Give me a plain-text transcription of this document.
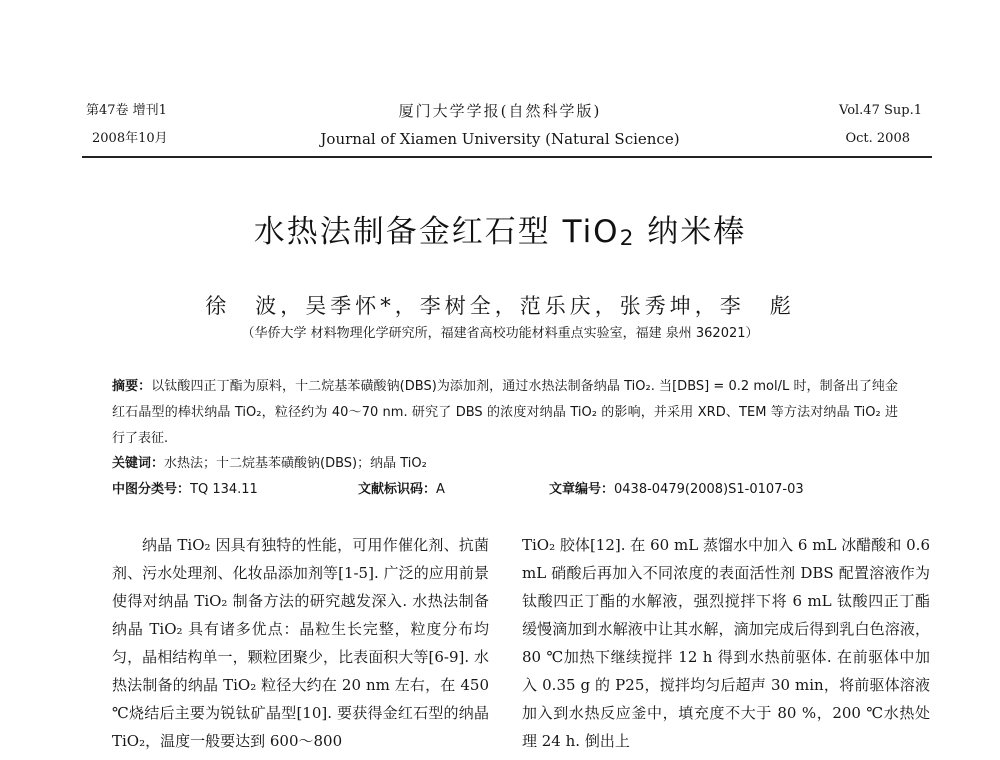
第47卷 增刊1
2008年10月
厦门大学学报(自然科学版)
Journal of Xiamen University (Natural Science)
Vol.47 Sup.1
Oct. 2008
水热法制备金红石型 TiO$_2$ 纳米棒
徐　波，吴季怀*，李树全，范乐庆，张秀坤，李　彪
（华侨大学 材料物理化学研究所，福建省高校功能材料重点实验室，福建 泉州 362021）
摘要：以钛酸四正丁酯为原料，十二烷基苯磺酸钠(DBS)为添加剂，通过水热法制备纳晶 TiO₂. 当[DBS] = 0.2 mol/L 时，制备出了纯金红石晶型的棒状纳晶 TiO₂，粒径约为 40～70 nm. 研究了 DBS 的浓度对纳晶 TiO₂ 的影响，并采用 XRD、TEM 等方法对纳晶 TiO₂ 进行了表征.
关键词：水热法；十二烷基苯磺酸钠(DBS)；纳晶 TiO₂
中图分类号：TQ 134.11	文献标识码：A	文章编号：0438-0479(2008)S1-0107-03

纳晶 TiO₂ 因具有独特的性能，可用作催化剂、抗菌剂、污水处理剂、化妆品添加剂等[1-5]. 广泛的应用前景使得对纳晶 TiO₂ 制备方法的研究越发深入. 水热法制备纳晶 TiO₂ 具有诸多优点：晶粒生长完整，粒度分布均匀，晶相结构单一，颗粒团聚少，比表面积大等[6-9]. 水热法制备的纳晶 TiO₂ 粒径大约在 20 nm 左右，在 450 ℃烧结后主要为锐钛矿晶型[10]. 要获得金红石型的纳晶 TiO₂，温度一般要达到 600～800

TiO₂ 胶体[12]. 在 60 mL 蒸馏水中加入 6 mL 冰醋酸和 0.6 mL 硝酸后再加入不同浓度的表面活性剂 DBS 配置溶液作为钛酸四正丁酯的水解液，强烈搅拌下将 6 mL 钛酸四正丁酯缓慢滴加到水解液中让其水解，滴加完成后得到乳白色溶液，80 ℃加热下继续搅拌 12 h 得到水热前驱体. 在前驱体中加入 0.35 g 的 P25，搅拌均匀后超声 30 min，将前驱体溶液加入到水热反应釜中，填充度不大于 80 %，200 ℃水热处理 24 h. 倒出上
